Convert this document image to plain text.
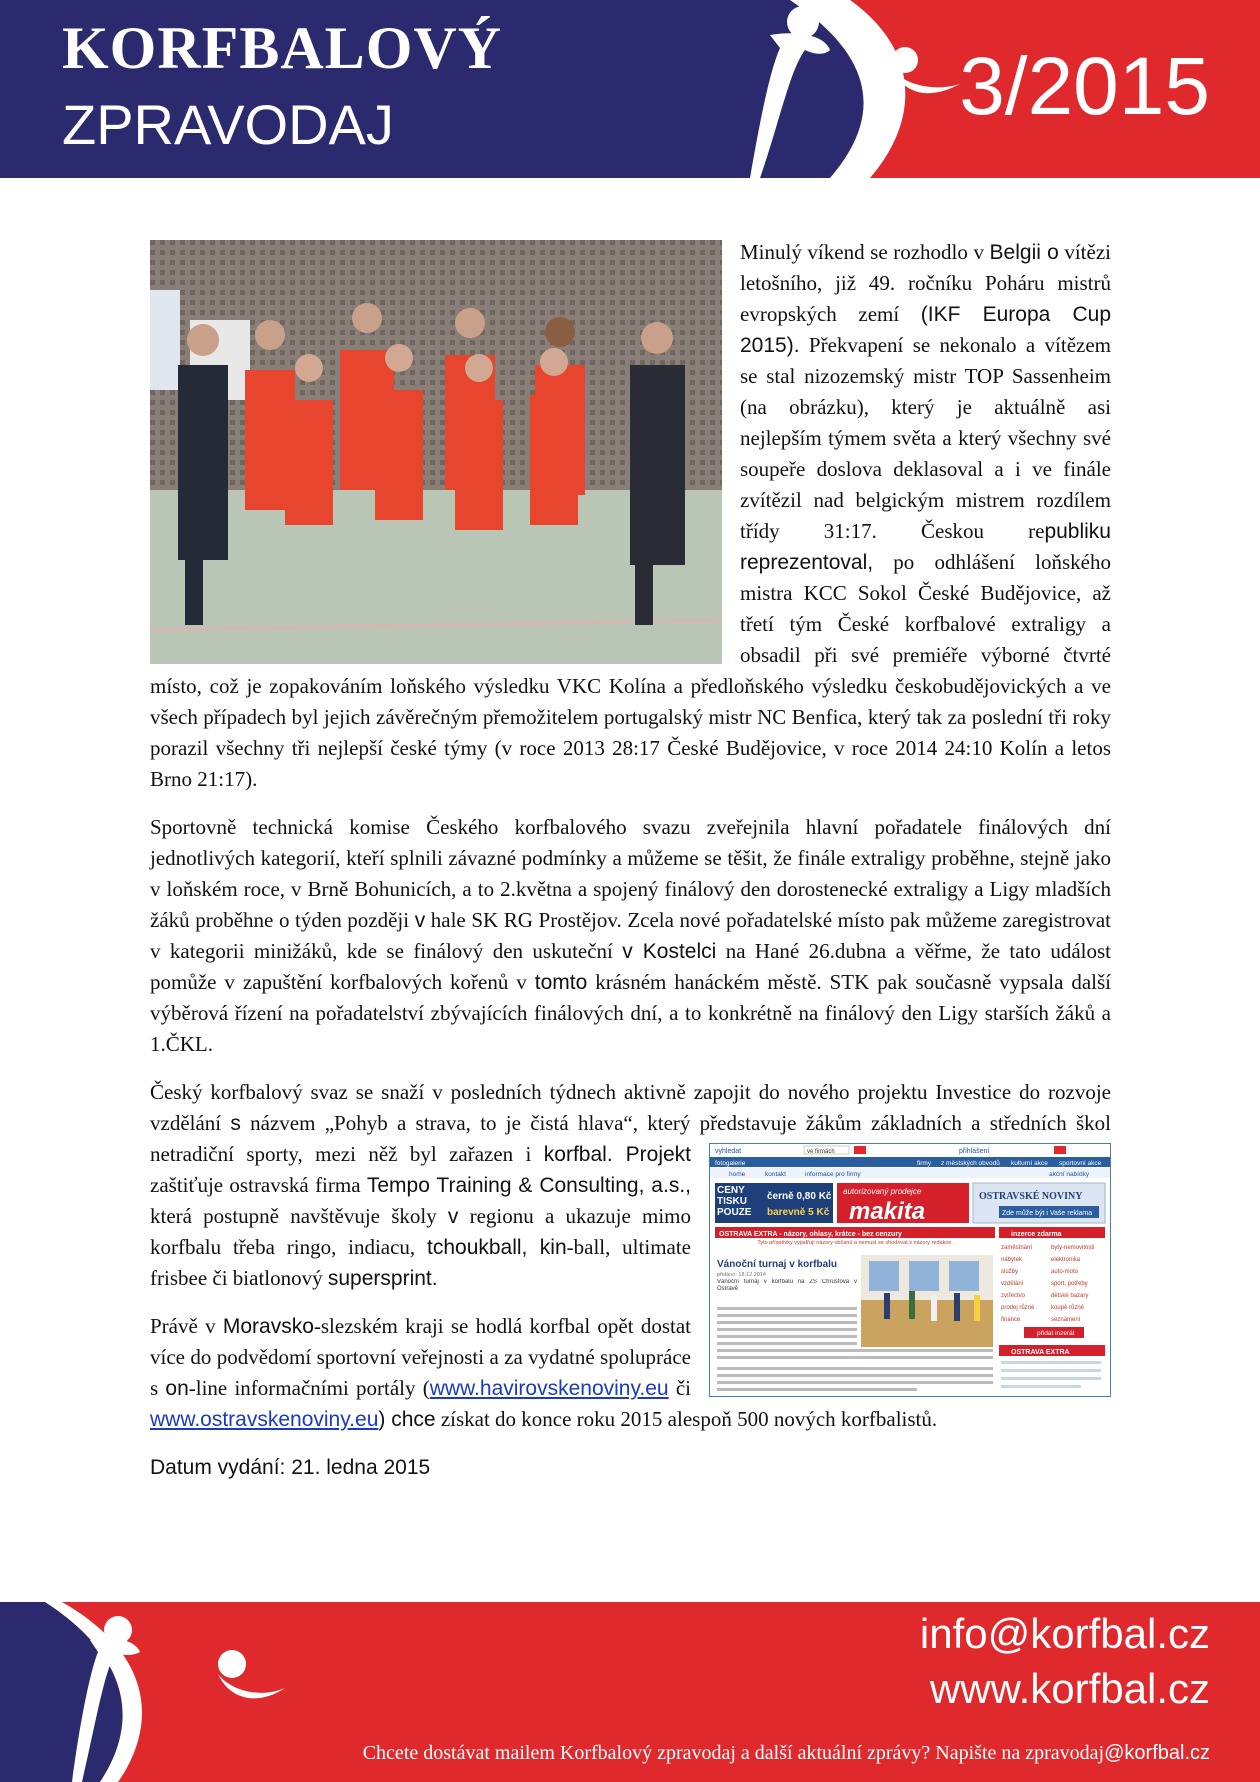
KORFBALOVÝ
ZPRAVODAJ	3/2015

Minulý víkend se rozhodlo v Belgii o vítězi letošního, již 49. ročníku Poháru mistrů evropských zemí (IKF Europa Cup 2015). Překvapení se nekonalo a vítězem se stal nizozemský mistr TOP Sassenheim (na obrázku), který je aktuálně asi nejlepším týmem světa a který všechny své soupeře doslova deklasoval a i ve finále zvítězil nad belgickým mistrem rozdílem třídy 31:17. Českou republiku reprezentoval, po odhlášení loňského mistra KCC Sokol České Budějovice, až třetí tým České korfbalové extraligy a obsadil při své premiéře výborné čtvrté místo, což je zopakováním loňského výsledku VKC Kolína a předloňského výsledku českobudějovických a ve všech případech byl jejich závěrečným přemožitelem portugalský mistr NC Benfica, který tak za poslední tři roky porazil všechny tři nejlepší české týmy (v roce 2013 28:17 České Budějovice, v roce 2014 24:10 Kolín a letos Brno 21:17).

Sportovně technická komise Českého korfbalového svazu zveřejnila hlavní pořadatele finálových dní jednotlivých kategorií, kteří splnili závazné podmínky a můžeme se těšit, že finále extraligy proběhne, stejně jako v loňském roce, v Brně Bohunicích, a to 2.května a spojený finálový den dorostenecké extraligy a Ligy mladších žáků proběhne o týden později v hale SK RG Prostějov. Zcela nové pořadatelské místo pak můžeme zaregistrovat v kategorii minižáků, kde se finálový den uskuteční v Kostelci na Hané 26.dubna a věřme, že tato událost pomůže v zapuštění korfbalových kořenů v tomto krásném hanáckém městě. STK pak současně vypsala další výběrová řízení na pořadatelství zbývajících finálových dní, a to konkrétně na finálový den Ligy starších žáků a 1.ČKL.

Český korfbalový svaz se snaží v posledních týdnech aktivně zapojit do nového projektu Investice do rozvoje vzdělání s názvem „Pohyb a strava, to je čistá hlava“, který představuje žákům základních a středních škol netradiční sporty, mezi něž byl zařazen i	vyhledat	ve firmách	přihlášení
fotogalerie	firmy z městských obvodů kulturní akce sportovní akce
home	kontakt	informace pro firmy	akční nabídky
CENY TISKU POUZE
černě 0,80 Kč
barevně 5 Kč
autorizovaný prodejce
makita
OSTRAVSKÉ NOVINY
Zde může být i Vaše reklama
OSTRAVA EXTRA - názory, ohlasy, krátce - bez cenzury	inzerce zdarma
Tyto příspěvky vyjadřují názory občanů a nemusí se shodovat s názory redakce.
Vánoční turnaj v korfbalu
přidáno: 18.12.2014
Vánoční turnaj v korfbalu na ZŠ Chrustova v Ostravě
zaměstnání
nábytek
služby
vzdělání
zvířectvo
prodej různé
finance
byty-nemovitosti
elektronika
auto-moto
sport, potřeby
dětské bazary
koupě různé
seznámení
přidat inzerát
OSTRAVA EXTRA
korfbal. Projekt zaštiťuje ostravská firma Tempo Training & Consulting, a.s., která postupně navštěvuje školy v regionu a ukazuje mimo korfbalu třeba ringo, indiacu, tchoukball, kin-ball, ultimate frisbee či biatlonový supersprint.

Právě v Moravsko-slezském kraji se hodlá korfbal opět dostat více do podvědomí sportovní veřejnosti a za vydatné spolupráce s on-line informačními portály (www.havirovskenoviny.eu či www.ostravskenoviny.eu) chce získat do konce roku 2015 alespoň 500 nových korfbalistů.

Datum vydání: 21. ledna 2015

info@korfbal.cz
www.korfbal.cz
Chcete dostávat mailem Korfbalový zpravodaj a další aktuální zprávy? Napište na zpravodaj@korfbal.cz
